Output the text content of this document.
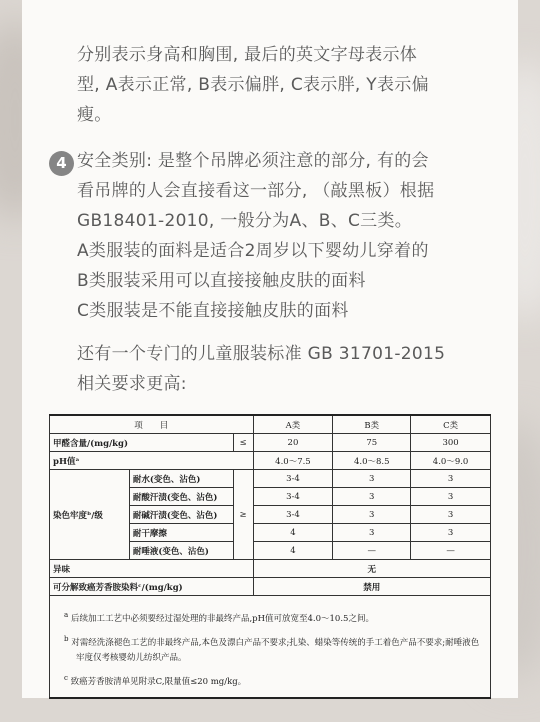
分别表示身高和胸围, 最后的英文字母表示体
型, A表示正常, B表示偏胖, C表示胖, Y表示偏
瘦。
4 安全类别: 是整个吊牌必须注意的部分, 有的会
看吊牌的人会直接看这一部分, （敲黑板）根据
GB18401-2010, 一般分为A、B、C三类。
A类服装的面料是适合2周岁以下婴幼儿穿着的
B类服装采用可以直接接触皮肤的面料
C类服装是不能直接接触皮肤的面料
还有一个专门的儿童服装标准 GB 31701-2015
相关要求更高:
项　　目			A类	B类	C类
甲醛含量/(mg/kg)		≤	20	75	300
pH值ᵃ			4.0～7.5	4.0～8.5	4.0～9.0
染色牢度ᵇ/级	耐水(变色、沾色)	≥	3-4	3	3
	耐酸汗渍(变色、沾色)		3-4	3	3
	耐碱汗渍(变色、沾色)		3-4	3	3
	耐干摩擦		4	3	3
	耐唾液(变色、沾色)		4	—	—
异味			无		
可分解致癌芳香胺染料ᶜ/(mg/kg)			禁用		

$^a$ 后续加工工艺中必须要经过湿处理的非最终产品,pH值可放宽至4.0～10.5之间。

$^b$ 对需经洗涤褪色工艺的非最终产品,本色及漂白产品不要求;扎染、蜡染等传统的手工着色产品不要求;耐唾液色牢度仅考核婴幼儿纺织产品。

$^c$ 致癌芳香胺清单见附录C,限量值≤20 mg/kg。					
